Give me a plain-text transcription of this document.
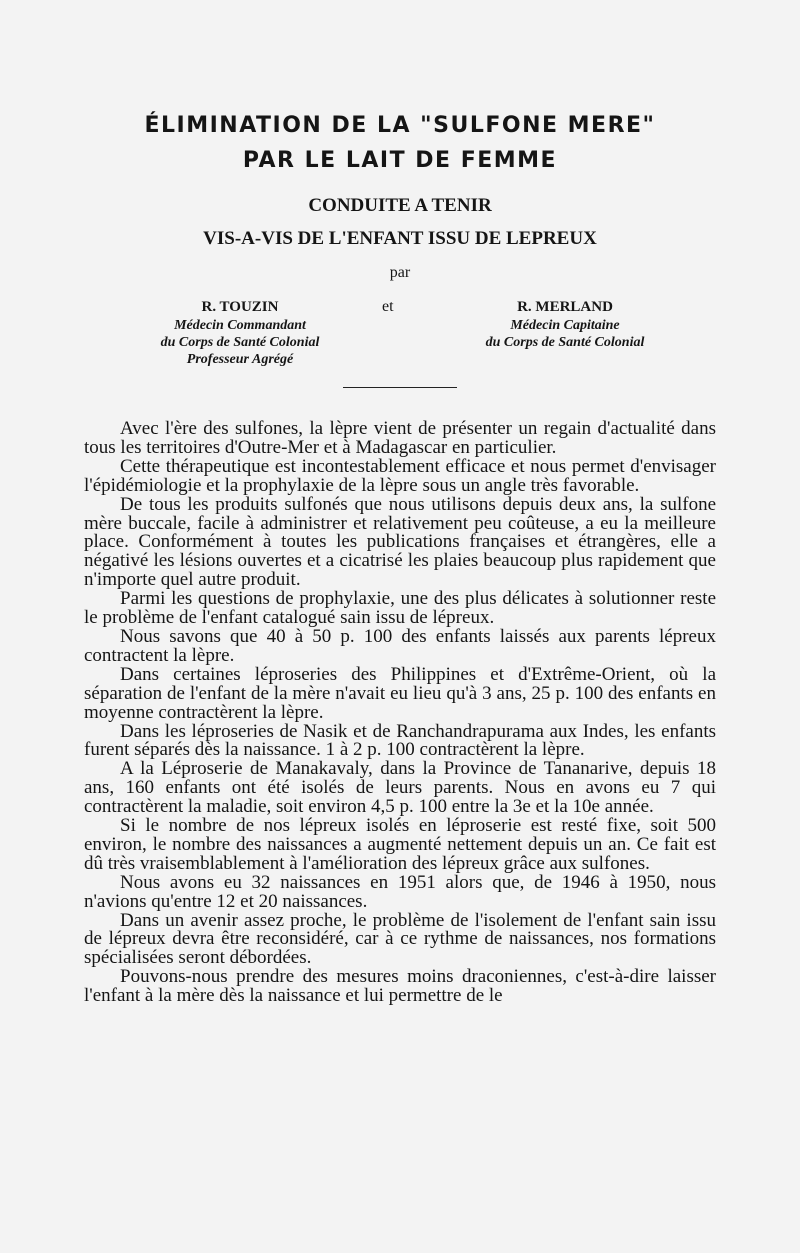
ÉLIMINATION DE LA "SULFONE MERE"
PAR LE LAIT DE FEMME
CONDUITE A TENIR
VIS-A-VIS DE L'ENFANT ISSU DE LEPREUX
par
R. TOUZIN
Médecin Commandant
du Corps de Santé Colonial
Professeur Agrégé
et	R. MERLAND
Médecin Capitaine
du Corps de Santé Colonial

Avec l'ère des sulfones, la lèpre vient de présenter un regain d'actualité dans tous les territoires d'Outre-Mer et à Madagascar en particulier.

Cette thérapeutique est incontestablement efficace et nous permet d'envisager l'épidémiologie et la prophylaxie de la lèpre sous un angle très favorable.

De tous les produits sulfonés que nous utilisons depuis deux ans, la sulfone mère buccale, facile à administrer et relativement peu coûteuse, a eu la meilleure place. Conformément à toutes les publications françaises et étrangères, elle a négativé les lésions ouvertes et a cicatrisé les plaies beaucoup plus rapidement que n'importe quel autre produit.

Parmi les questions de prophylaxie, une des plus délicates à solutionner reste le problème de l'enfant catalogué sain issu de lépreux.

Nous savons que 40 à 50 p. 100 des enfants laissés aux parents lépreux contractent la lèpre.

Dans certaines léproseries des Philippines et d'Extrême-Orient, où la séparation de l'enfant de la mère n'avait eu lieu qu'à 3 ans, 25 p. 100 des enfants en moyenne contractèrent la lèpre.

Dans les léproseries de Nasik et de Ranchandrapurama aux Indes, les enfants furent séparés dès la naissance. 1 à 2 p. 100 contractèrent la lèpre.

A la Léproserie de Manakavaly, dans la Province de Tananarive, depuis 18 ans, 160 enfants ont été isolés de leurs parents. Nous en avons eu 7 qui contractèrent la maladie, soit environ 4,5 p. 100 entre la 3e et la 10e année.

Si le nombre de nos lépreux isolés en léproserie est resté fixe, soit 500 environ, le nombre des naissances a augmenté nettement depuis un an. Ce fait est dû très vraisemblablement à l'amélioration des lépreux grâce aux sulfones.

Nous avons eu 32 naissances en 1951 alors que, de 1946 à 1950, nous n'avions qu'entre 12 et 20 naissances.

Dans un avenir assez proche, le problème de l'isolement de l'enfant sain issu de lépreux devra être reconsidéré, car à ce rythme de naissances, nos formations spécialisées seront débordées.

Pouvons-nous prendre des mesures moins draconiennes, c'est-à-dire laisser l'enfant à la mère dès la naissance et lui permettre de le
